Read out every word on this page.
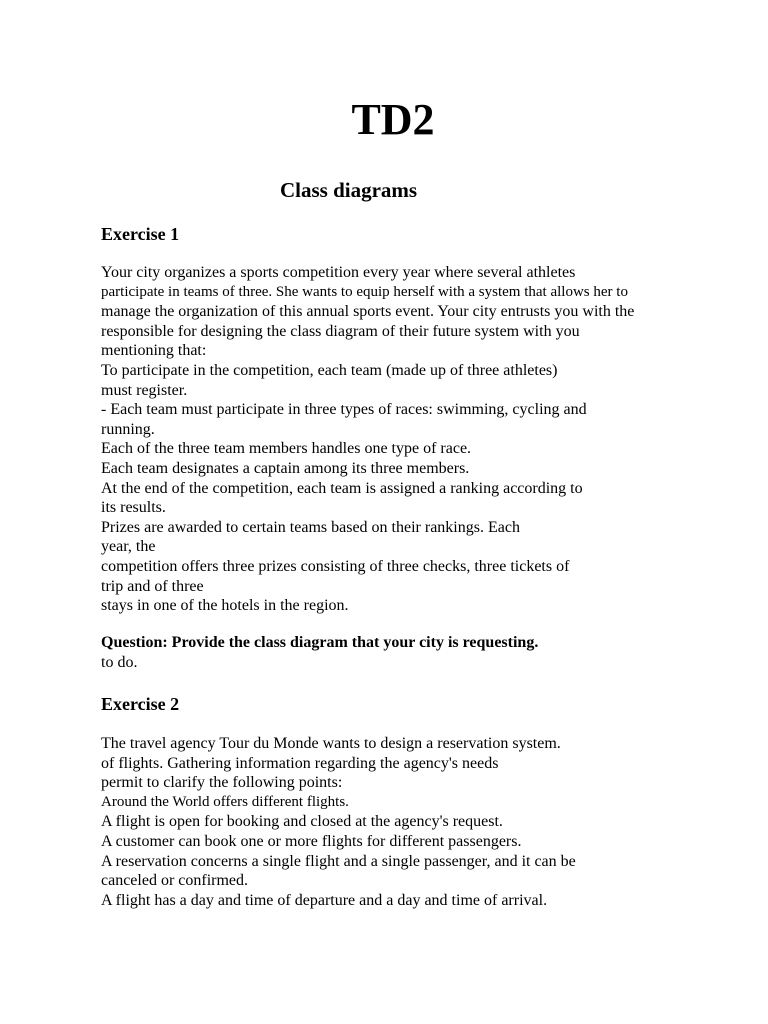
TD2
Class diagrams
Exercise 1
Your city organizes a sports competition every year where several athletes
participate in teams of three. She wants to equip herself with a system that allows her to
manage the organization of this annual sports event. Your city entrusts you with the
responsible for designing the class diagram of their future system with you
mentioning that:
To participate in the competition, each team (made up of three athletes)
must register.
- Each team must participate in three types of races: swimming, cycling and
running.
Each of the three team members handles one type of race.
Each team designates a captain among its three members.
At the end of the competition, each team is assigned a ranking according to
its results.
Prizes are awarded to certain teams based on their rankings. Each
year, the
competition offers three prizes consisting of three checks, three tickets of
trip and of three
stays in one of the hotels in the region.
Question: Provide the class diagram that your city is requesting.
to do.
Exercise 2
The travel agency Tour du Monde wants to design a reservation system.
of flights. Gathering information regarding the agency's needs
permit to clarify the following points:
Around the World offers different flights.
A flight is open for booking and closed at the agency's request.
A customer can book one or more flights for different passengers.
A reservation concerns a single flight and a single passenger, and it can be
canceled or confirmed.
A flight has a day and time of departure and a day and time of arrival.
